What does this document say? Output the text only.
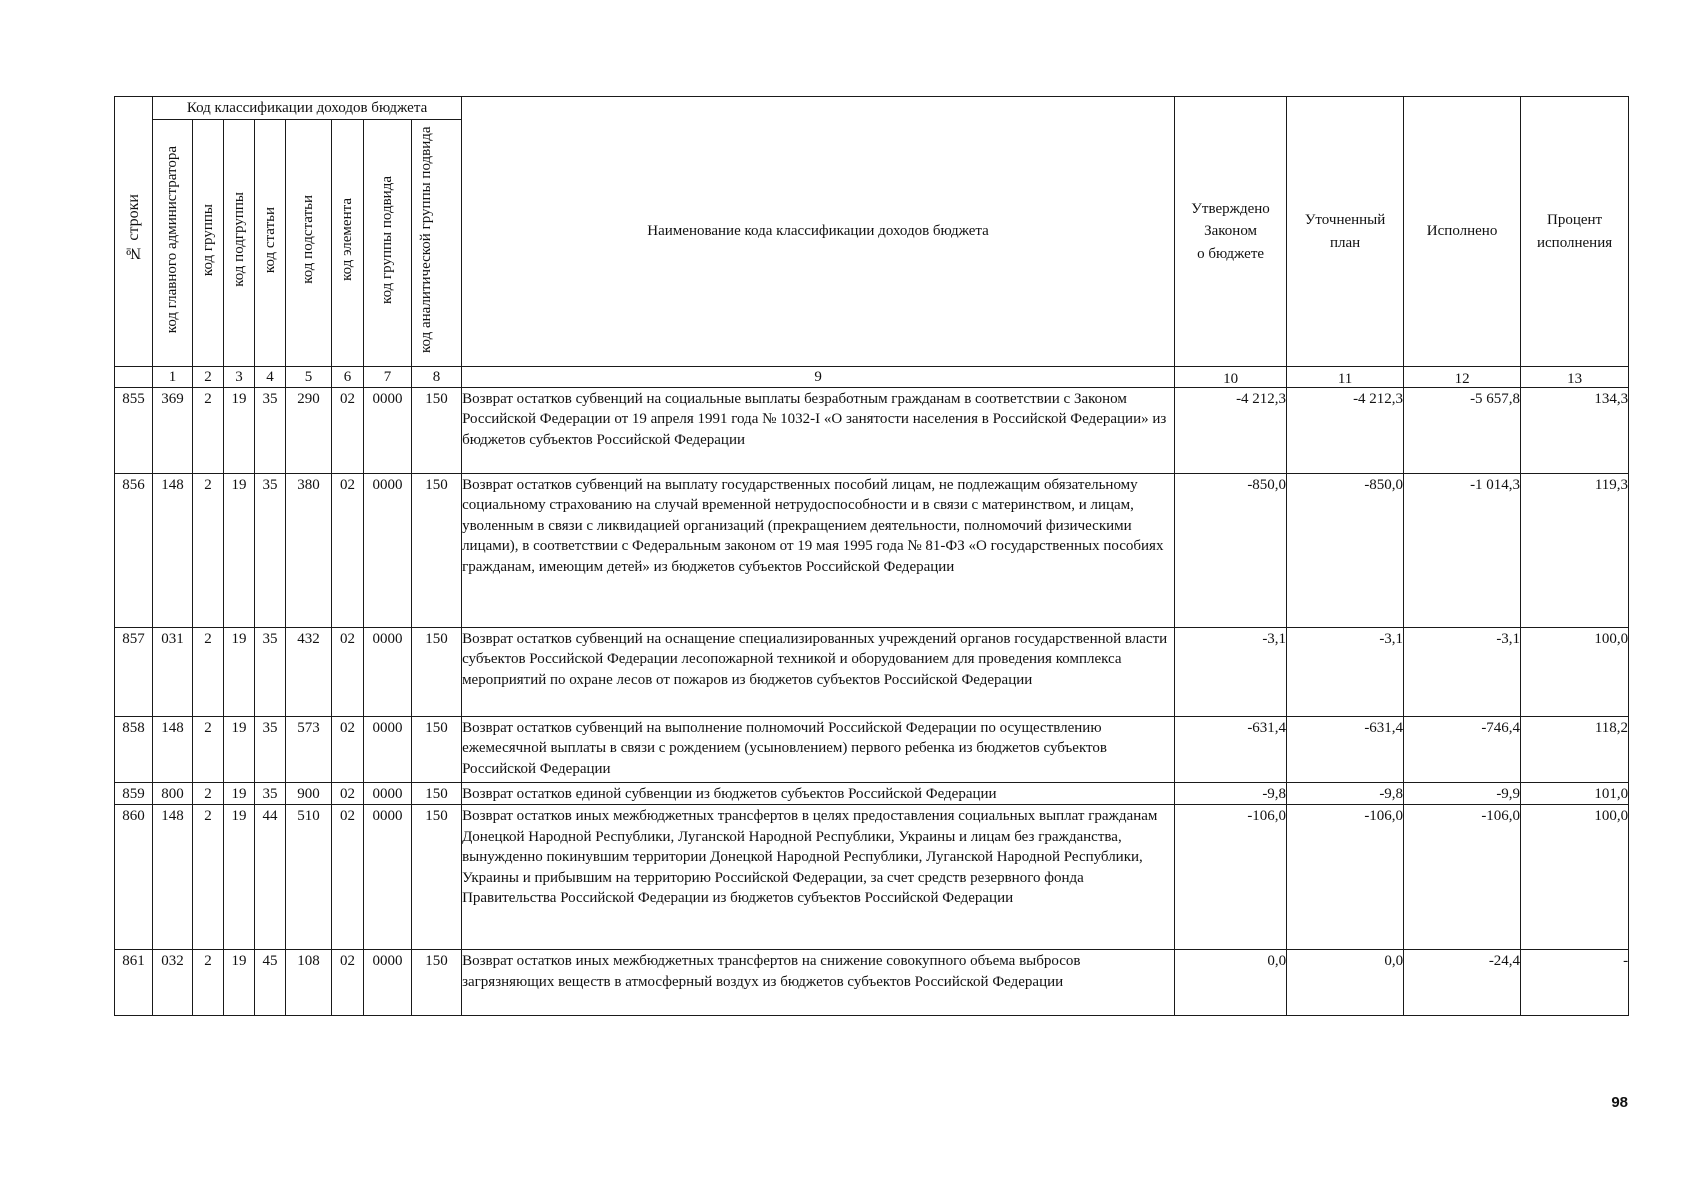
№ строки	Код классификации доходов бюджета								Наименование кода классификации доходов бюджета	Утверждено
Законом
о бюджете	Уточненный
план	Исполнено	Процент
исполнения
	код главного администратора	код группы	код подгруппы	код статьи	код подстатьи	код элемента	код группы подвида	код аналитической группы подвида					
	1	2	3	4	5	6	7	8	9	10	11	12	13
855	369	2	19	35	290	02	0000	150	Возврат остатков субвенций на социальные выплаты безработным гражданам в соответствии с Законом Российской Федерации от 19 апреля 1991 года № 1032-I «О занятости населения в Российской Федерации» из бюджетов субъектов Российской Федерации	-4 212,3	-4 212,3	-5 657,8	134,3
856	148	2	19	35	380	02	0000	150	Возврат остатков субвенций на выплату государственных пособий лицам, не подлежащим обязательному социальному страхованию на случай временной нетрудоспособности и в связи с материнством, и лицам, уволенным в связи с ликвидацией организаций (прекращением деятельности, полномочий физическими лицами), в соответствии с Федеральным законом от 19 мая 1995 года № 81-ФЗ «О государственных пособиях гражданам, имеющим детей» из бюджетов субъектов Российской Федерации	-850,0	-850,0	-1 014,3	119,3
857	031	2	19	35	432	02	0000	150	Возврат остатков субвенций на оснащение специализированных учреждений органов государственной власти субъектов Российской Федерации лесопожарной техникой и оборудованием для проведения комплекса мероприятий по охране лесов от пожаров из бюджетов субъектов Российской Федерации	-3,1	-3,1	-3,1	100,0
858	148	2	19	35	573	02	0000	150	Возврат остатков субвенций на выполнение полномочий Российской Федерации по осуществлению ежемесячной выплаты в связи с рождением (усыновлением) первого ребенка из бюджетов субъектов Российской Федерации	-631,4	-631,4	-746,4	118,2
859	800	2	19	35	900	02	0000	150	Возврат остатков единой субвенции из бюджетов субъектов Российской Федерации	-9,8	-9,8	-9,9	101,0
860	148	2	19	44	510	02	0000	150	Возврат остатков иных межбюджетных трансфертов в целях предоставления социальных выплат гражданам Донецкой Народной Республики, Луганской Народной Республики, Украины и лицам без гражданства, вынужденно покинувшим территории Донецкой Народной Республики, Луганской Народной Республики, Украины и прибывшим на территорию Российской Федерации, за счет средств резервного фонда Правительства Российской Федерации из бюджетов субъектов Российской Федерации	-106,0	-106,0	-106,0	100,0
861	032	2	19	45	108	02	0000	150	Возврат остатков иных межбюджетных трансфертов на снижение совокупного объема выбросов загрязняющих веществ в атмосферный воздух из бюджетов субъектов Российской Федерации	0,0	0,0	-24,4	-
98
